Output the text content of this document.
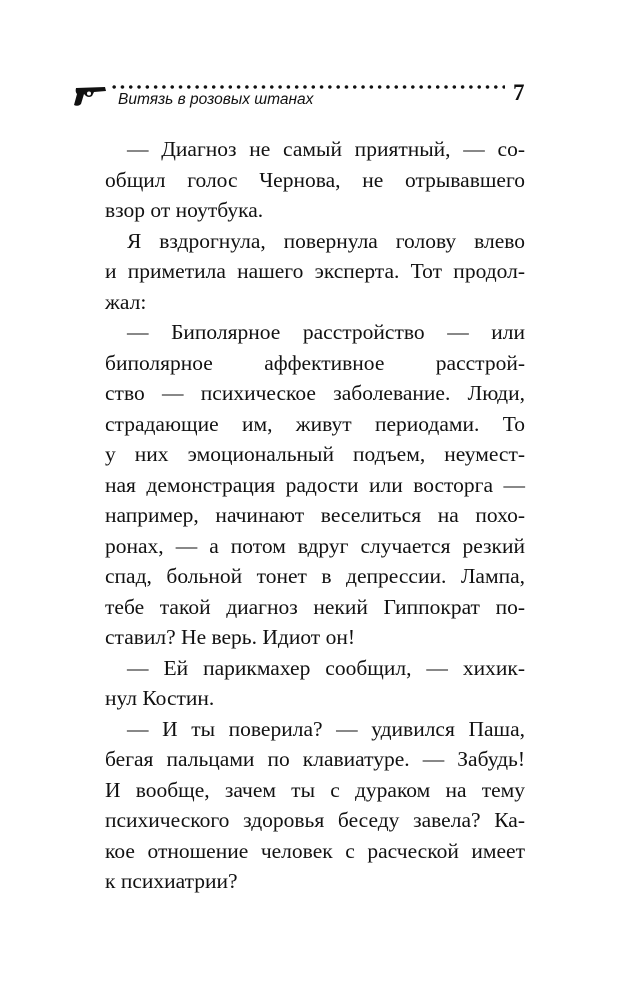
Витязь в розовых штанах	7
— Диагноз не самый приятный, — со-
общил голос Чернова, не отрывавшего
взор от ноутбука.
Я вздрогнула, повернула голову влево
и приметила нашего эксперта. Тот продол-
жал:
— Биполярное расстройство — или
биполярное аффективное расстрой-
ство — психическое заболевание. Люди,
страдающие им, живут периодами. То
у них эмоциональный подъем, неумест-
ная демонстрация радости или восторга —
например, начинают веселиться на похо-
ронах, — а потом вдруг случается резкий
спад, больной тонет в депрессии. Лампа,
тебе такой диагноз некий Гиппократ по-
ставил? Не верь. Идиот он!
— Ей парикмахер сообщил, — хихик-
нул Костин.
— И ты поверила? — удивился Паша,
бегая пальцами по клавиатуре. — Забудь!
И вообще, зачем ты с дураком на тему
психического здоровья беседу завела? Ка-
кое отношение человек с расческой имеет
к психиатрии?
